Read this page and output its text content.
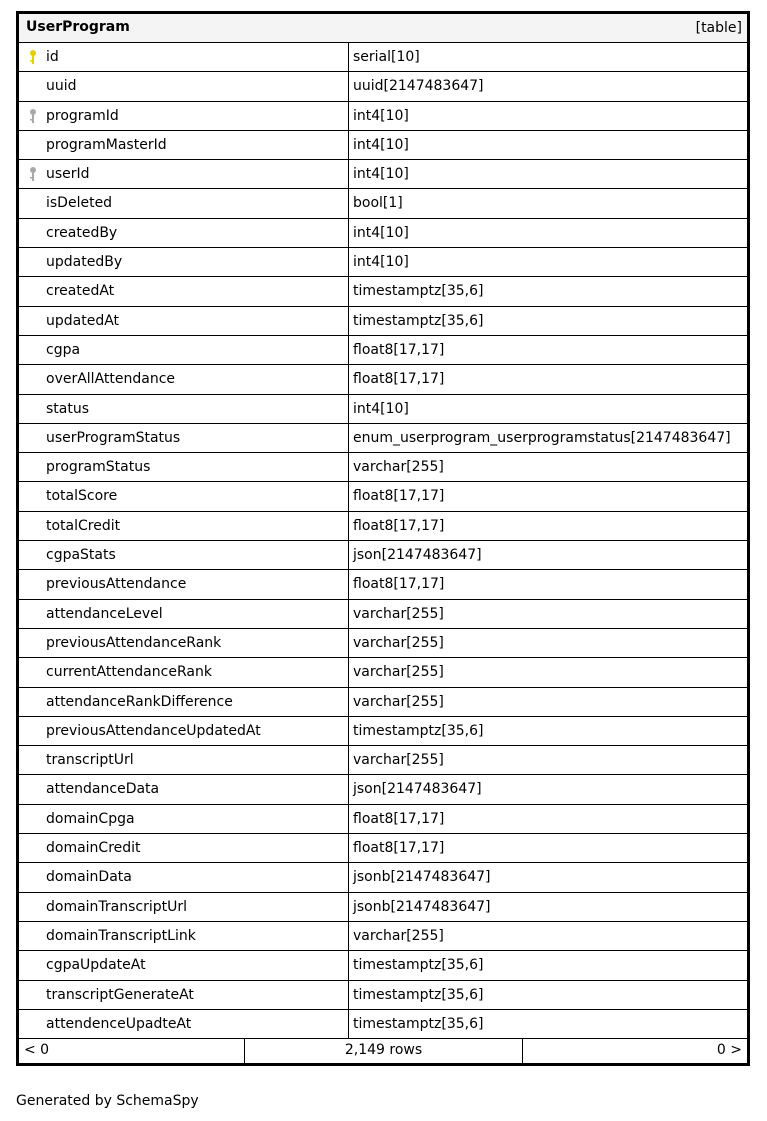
UserProgram	[table]
id	serial[10]
uuid	uuid[2147483647]
programId	int4[10]
programMasterId	int4[10]
userId	int4[10]
isDeleted	bool[1]
createdBy	int4[10]
updatedBy	int4[10]
createdAt	timestamptz[35,6]
updatedAt	timestamptz[35,6]
cgpa	float8[17,17]
overAllAttendance	float8[17,17]
status	int4[10]
userProgramStatus	enum_userprogram_userprogramstatus[2147483647]
programStatus	varchar[255]
totalScore	float8[17,17]
totalCredit	float8[17,17]
cgpaStats	json[2147483647]
previousAttendance	float8[17,17]
attendanceLevel	varchar[255]
previousAttendanceRank	varchar[255]
currentAttendanceRank	varchar[255]
attendanceRankDifference	varchar[255]
previousAttendanceUpdatedAt	timestamptz[35,6]
transcriptUrl	varchar[255]
attendanceData	json[2147483647]
domainCpga	float8[17,17]
domainCredit	float8[17,17]
domainData	jsonb[2147483647]
domainTranscriptUrl	jsonb[2147483647]
domainTranscriptLink	varchar[255]
cgpaUpdateAt	timestamptz[35,6]
transcriptGenerateAt	timestamptz[35,6]
attendenceUpadteAt	timestamptz[35,6]
< 0	2,149 rows	0 >
Generated by SchemaSpy
